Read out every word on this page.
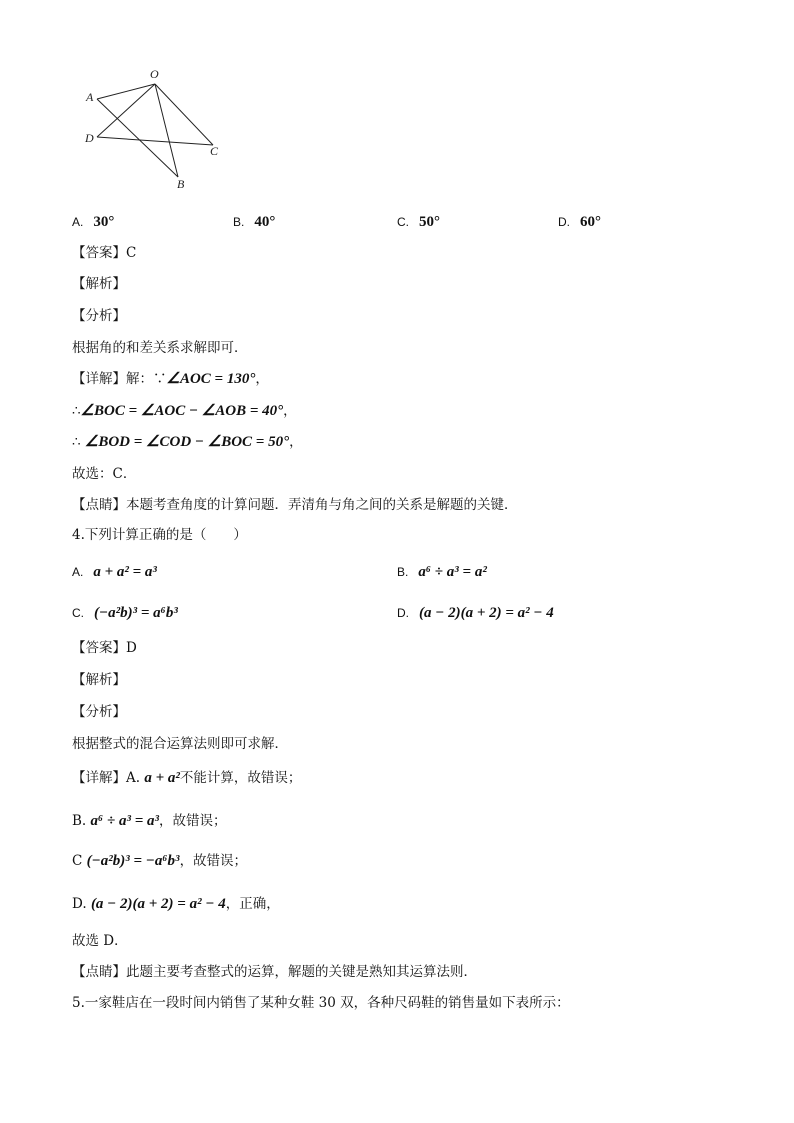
O
A
D
C
B
A. 30°	B. 40°	C. 50°	D. 60°
【答案】C
【解析】
【分析】
根据角的和差关系求解即可．
【详解】解：∵∠AOC = 130°，
∴∠BOC = ∠AOC − ∠AOB = 40°，
∴ ∠BOD = ∠COD − ∠BOC = 50°，
故选：C．
【点睛】本题考查角度的计算问题．弄清角与角之间的关系是解题的关键．
4.下列计算正确的是（　　）
A. a + a² = a³	B. a⁶ ÷ a³ = a²
C. (−a²b)³ = a⁶b³	D. (a − 2)(a + 2) = a² − 4
【答案】D
【解析】
【分析】
根据整式的混合运算法则即可求解．
【详解】A. a + a²不能计算，故错误；
B. a⁶ ÷ a³ = a³，故错误；
C (−a²b)³ = −a⁶b³，故错误；
D. (a − 2)(a + 2) = a² − 4，正确，
故选 D．
【点睛】此题主要考查整式的运算，解题的关键是熟知其运算法则．
5.一家鞋店在一段时间内销售了某种女鞋 30 双，各种尺码鞋的销售量如下表所示：
